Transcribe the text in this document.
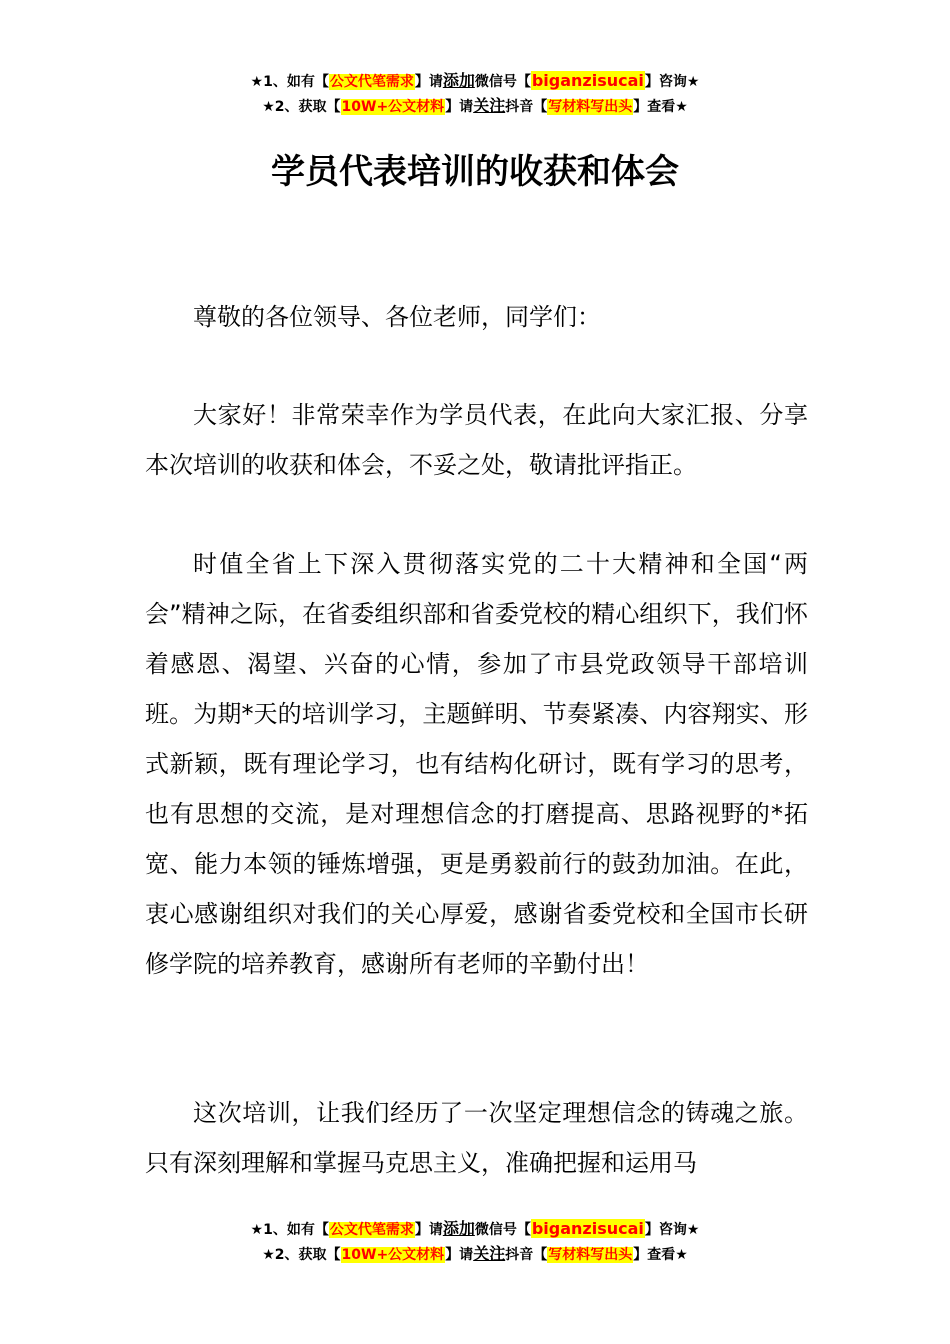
★1、如有【公文代笔需求】请添加微信号【biganzisucai】咨询★
★2、获取【10W+公文材料】请关注抖音【写材料写出头】查看★
学员代表培训的收获和体会

尊敬的各位领导、各位老师，同学们：

大家好！非常荣幸作为学员代表，在此向大家汇报、分享本次培训的收获和体会，不妥之处，敬请批评指正。

时值全省上下深入贯彻落实党的二十大精神和全国“两会”精神之际，在省委组织部和省委党校的精心组织下，我们怀着感恩、渴望、兴奋的心情，参加了市县党政领导干部培训班。为期*天的培训学习，主题鲜明、节奏紧凑、内容翔实、形式新颖，既有理论学习，也有结构化研讨，既有学习的思考，也有思想的交流，是对理想信念的打磨提高、思路视野的*拓宽、能力本领的锤炼增强，更是勇毅前行的鼓劲加油。在此，衷心感谢组织对我们的关心厚爱，感谢省委党校和全国市长研修学院的培养教育，感谢所有老师的辛勤付出！

这次培训，让我们经历了一次坚定理想信念的铸魂之旅。只有深刻理解和掌握马克思主义，准确把握和运用马

★1、如有【公文代笔需求】请添加微信号【biganzisucai】咨询★
★2、获取【10W+公文材料】请关注抖音【写材料写出头】查看★
